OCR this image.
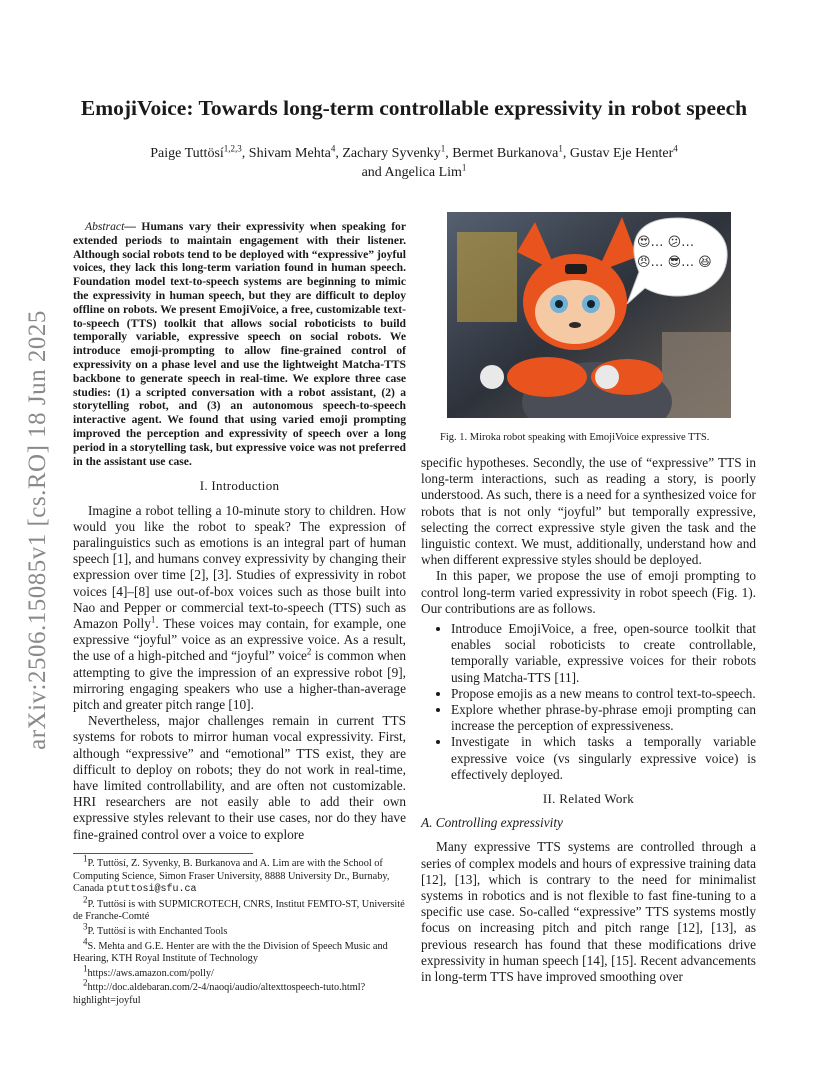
arXiv:2506.15085v1 [cs.RO] 18 Jun 2025
EmojiVoice: Towards long-term controllable expressivity in robot speech
Paige Tuttösí$^{1,2,3}$, Shivam Mehta$^4$, Zachary Syvenky$^1$, Bermet Burkanova$^1$, Gustav Eje Henter$^4$
and Angelica Lim$^1$

Abstract— Humans vary their expressivity when speaking for extended periods to maintain engagement with their listener. Although social robots tend to be deployed with “expressive” joyful voices, they lack this long-term variation found in human speech. Foundation model text-to-speech systems are beginning to mimic the expressivity in human speech, but they are difficult to deploy offline on robots. We present EmojiVoice, a free, customizable text-to-speech (TTS) toolkit that allows social roboticists to build temporally variable, expressive speech on social robots. We introduce emoji-prompting to allow fine-grained control of expressivity on a phase level and use the lightweight Matcha-TTS backbone to generate speech in real-time. We explore three case studies: (1) a scripted conversation with a robot assistant, (2) a storytelling robot, and (3) an autonomous speech-to-speech interactive agent. We found that using varied emoji prompting improved the perception and expressivity of speech over a long period in a storytelling task, but expressive voice was not preferred in the assistant use case.

I. Introduction

Imagine a robot telling a 10-minute story to children. How would you like the robot to speak? The expression of paralinguistics such as emotions is an integral part of human speech [1], and humans convey expressivity by changing their expression over time [2], [3]. Studies of expressivity in robot voices [4]–[8] use out-of-box voices such as those built into Nao and Pepper or commercial text-to-speech (TTS) such as Amazon Polly$^1$. These voices may contain, for example, one expressive “joyful” voice as an expressive voice. As a result, the use of a high-pitched and “joyful” voice$^2$ is common when attempting to give the impression of an expressive robot [9], mirroring engaging speakers who use a higher-than-average pitch and greater pitch range [10].

Nevertheless, major challenges remain in current TTS systems for robots to mirror human vocal expressivity. First, although “expressive” and “emotional” TTS exist, they are difficult to deploy on robots; they do not work in real-time, have limited controllability, and are often not customizable. HRI researchers are not easily able to add their own expressive styles relevant to their use cases, nor do they have fine-grained control over a voice to explore

$^1$P. Tuttösí, Z. Syvenky, B. Burkanova and A. Lim are with the School of Computing Science, Simon Fraser University, 8888 University Dr., Burnaby, Canada ptuttosi@sfu.ca
$^2$P. Tuttösí is with SUPMICROTECH, CNRS, Institut FEMTO-ST, Université de Franche-Comté
$^3$P. Tuttösí is with Enchanted Tools
$^4$S. Mehta and G.E. Henter are with the the Division of Speech Music and Hearing, KTH Royal Institute of Technology
$^1$https://aws.amazon.com/polly/
$^2$http://doc.aldebaran.com/2-4/naoqi/audio/altexttospeech-tuto.html?highlight=joyful
😍… 😕…
😠… 😎… 😆
Fig. 1. Miroka robot speaking with EmojiVoice expressive TTS.

specific hypotheses. Secondly, the use of “expressive” TTS in long-term interactions, such as reading a story, is poorly understood. As such, there is a need for a synthesized voice for robots that is not only “joyful” but temporally expressive, selecting the correct expressive style given the task and the linguistic context. We must, additionally, understand how and when different expressive styles should be deployed.

In this paper, we propose the use of emoji prompting to control long-term varied expressivity in robot speech (Fig. 1). Our contributions are as follows.

• Introduce EmojiVoice, a free, open-source toolkit that enables social roboticists to create controllable, temporally variable, expressive voices for their robots using Matcha-TTS [11].
• Propose emojis as a new means to control text-to-speech.
• Explore whether phrase-by-phrase emoji prompting can increase the perception of expressiveness.
• Investigate in which tasks a temporally variable expressive voice (vs singularly expressive voice) is effectively deployed.
II. Related Work
A. Controlling expressivity

Many expressive TTS systems are controlled through a series of complex models and hours of expressive training data [12], [13], which is contrary to the need for minimalist systems in robotics and is not flexible to fast fine-tuning to a specific use case. So-called “expressive” TTS systems mostly focus on increasing pitch and pitch range [12], [13], as previous research has found that these modifications drive expressivity in human speech [14], [15]. Recent advancements in long-term TTS have improved smoothing over
